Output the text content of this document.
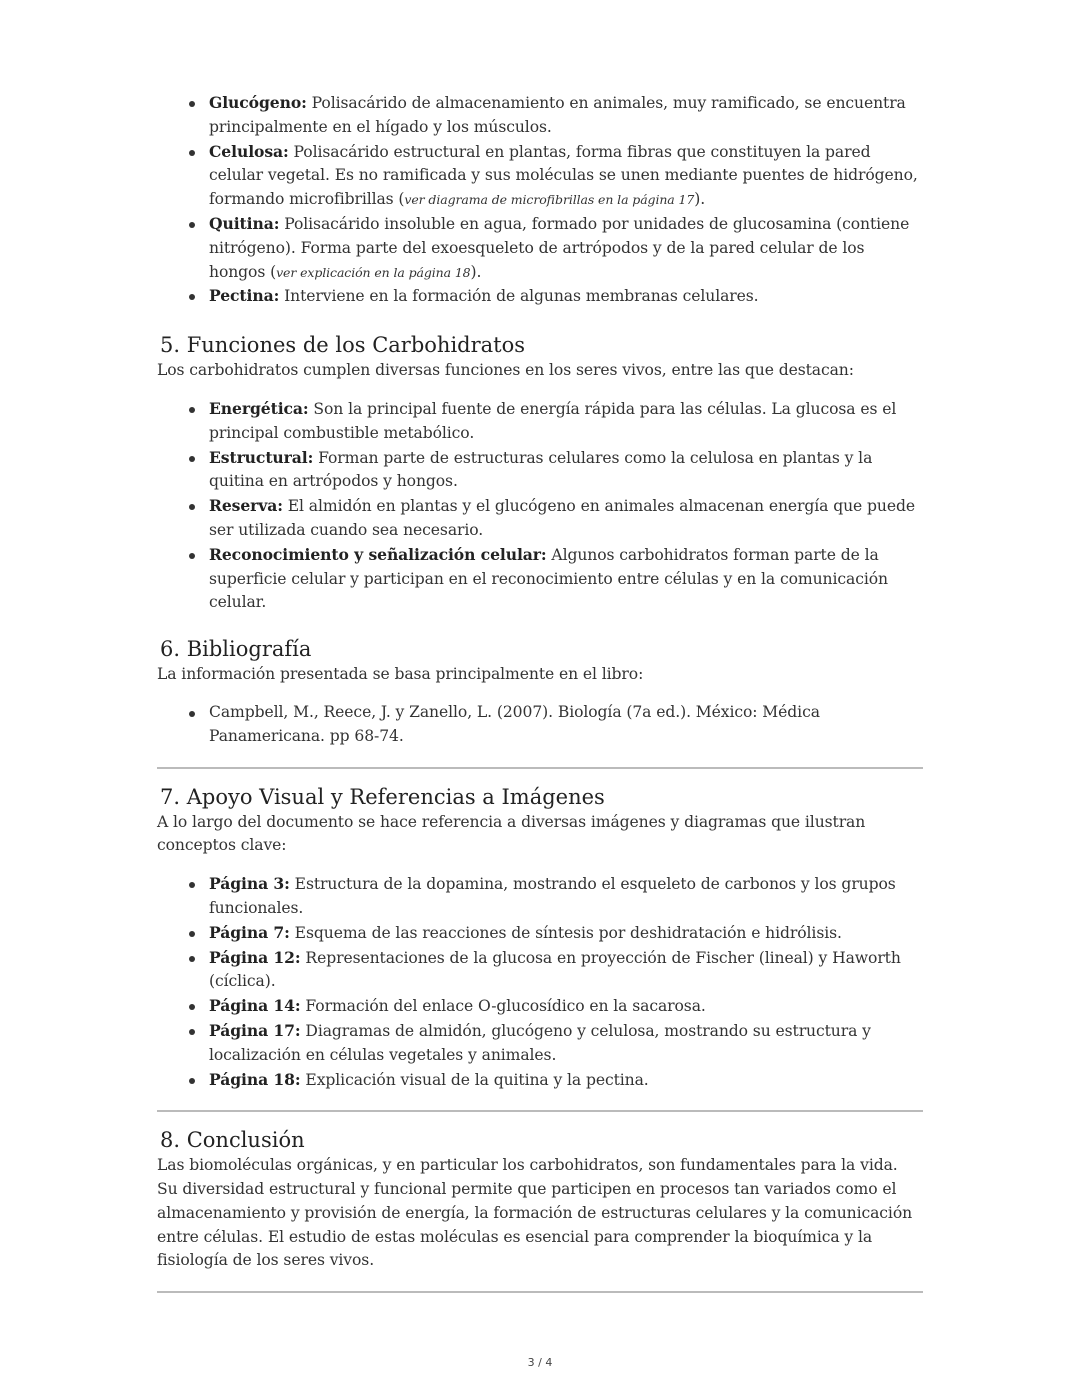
Glucógeno: Polisacárido de almacenamiento en animales, muy ramificado, se encuentra principalmente en el hígado y los músculos.
Celulosa: Polisacárido estructural en plantas, forma fibras que constituyen la pared celular vegetal. Es no ramificada y sus moléculas se unen mediante puentes de hidrógeno, formando microfibrillas (ver diagrama de microfibrillas en la página 17).
Quitina: Polisacárido insoluble en agua, formado por unidades de glucosamina (contiene nitrógeno). Forma parte del exoesqueleto de artrópodos y de la pared celular de los hongos (ver explicación en la página 18).
Pectina: Interviene en la formación de algunas membranas celulares.
5. Funciones de los Carbohidratos

Los carbohidratos cumplen diversas funciones en los seres vivos, entre las que destacan:

Energética: Son la principal fuente de energía rápida para las células. La glucosa es el principal combustible metabólico.
Estructural: Forman parte de estructuras celulares como la celulosa en plantas y la quitina en artrópodos y hongos.
Reserva: El almidón en plantas y el glucógeno en animales almacenan energía que puede ser utilizada cuando sea necesario.
Reconocimiento y señalización celular: Algunos carbohidratos forman parte de la superficie celular y participan en el reconocimiento entre células y en la comunicación celular.
6. Bibliografía

La información presentada se basa principalmente en el libro:

Campbell, M., Reece, J. y Zanello, L. (2007). Biología (7a ed.). México: Médica Panamericana. pp 68-74.
7. Apoyo Visual y Referencias a Imágenes

A lo largo del documento se hace referencia a diversas imágenes y diagramas que ilustran conceptos clave:

Página 3: Estructura de la dopamina, mostrando el esqueleto de carbonos y los grupos funcionales.
Página 7: Esquema de las reacciones de síntesis por deshidratación e hidrólisis.
Página 12: Representaciones de la glucosa en proyección de Fischer (lineal) y Haworth (cíclica).
Página 14: Formación del enlace O-glucosídico en la sacarosa.
Página 17: Diagramas de almidón, glucógeno y celulosa, mostrando su estructura y localización en células vegetales y animales.
Página 18: Explicación visual de la quitina y la pectina.
8. Conclusión

Las biomoléculas orgánicas, y en particular los carbohidratos, son fundamentales para la vida. Su diversidad estructural y funcional permite que participen en procesos tan variados como el almacenamiento y provisión de energía, la formación de estructuras celulares y la comunicación entre células. El estudio de estas moléculas es esencial para comprender la bioquímica y la fisiología de los seres vivos.

3 / 4
